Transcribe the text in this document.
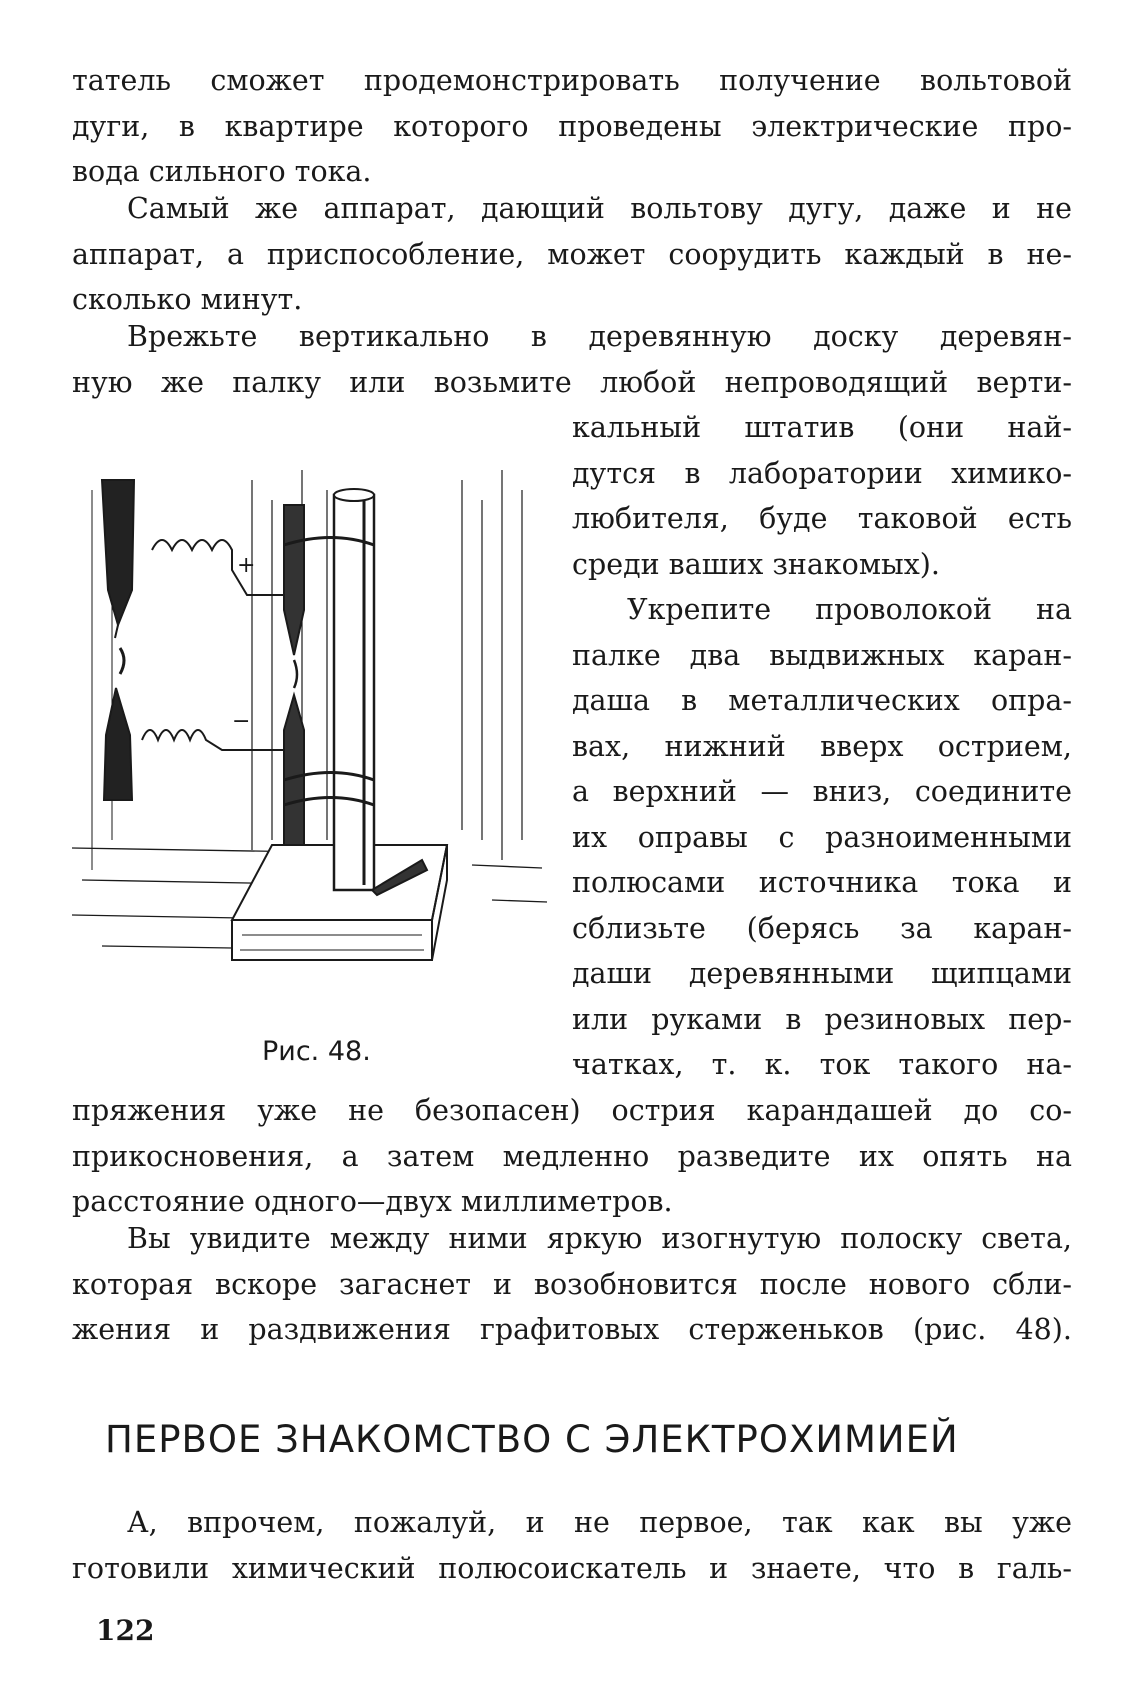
татель сможет продемонстрировать получение вольтовой
дуги, в квартире которого проведены электрические про-
вода сильного тока.
Самый же аппарат, дающий вольтову дугу, даже и не
аппарат, а приспособление, может соорудить каждый в не-
сколько минут.
Врежьте вертикально в деревянную доску деревян-
ную же палку или возьмите любой непроводящий верти-
кальный штатив (они най-
дутся в лаборатории химико-
любителя, буде таковой есть
среди ваших знакомых).
Укрепите проволокой на
палке два выдвижных каран-
даша в металлических опра-
вах, нижний вверх острием,
а верхний — вниз, соедините
их оправы с разноименными
полюсами источника тока и
сблизьте (берясь за каран-
даши деревянными щипцами
или руками в резиновых пер-
чатках, т. к. ток такого на-
+
−
Рис. 48.
пряжения уже не безопасен) острия карандашей до со-
прикосновения, а затем медленно разведите их опять на
расстояние одного—двух миллиметров.
Вы увидите между ними яркую изогнутую полоску света,
которая вскоре загаснет и возобновится после нового сбли-
жения и раздвижения графитовых стерженьков (рис. 48).
ПЕРВОЕ ЗНАКОМСТВО С ЭЛЕКТРОХИМИЕЙ
А, впрочем, пожалуй, и не первое, так как вы уже
готовили химический полюсоискатель и знаете, что в галь-
122
